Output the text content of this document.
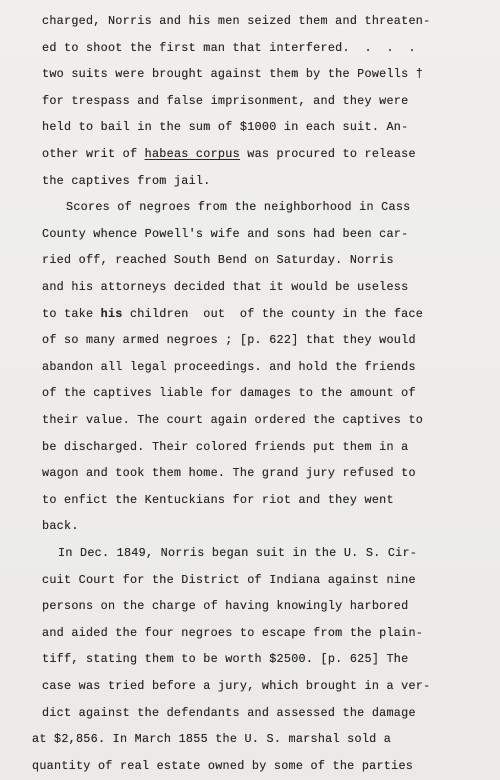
charged, Norris and his men seized them and threaten-
ed to shoot the first man that interfered.  .  .  .
two suits were brought against them by the Powells †
for trespass and false imprisonment, and they were
held to bail in the sum of $1000 in each suit. An-
other writ of habeas corpus was procured to release
the captives from jail.
Scores of negroes from the neighborhood in Cass
County whence Powell's wife and sons had been car-
ried off, reached South Bend on Saturday. Norris
and his attorneys decided that it would be useless
to take his children  out  of the county in the face
of so many armed negroes ; [p. 622] that they would
abandon all legal proceedings. and hold the friends
of the captives liable for damages to the amount of
their value. The court again ordered the captives to
be discharged. Their colored friends put them in a
wagon and took them home. The grand jury refused to
to enfict the Kentuckians for riot and they went
back.
In Dec. 1849, Norris began suit in the U. S. Cir-
cuit Court for the District of Indiana against nine
persons on the charge of having knowingly harbored
and aided the four negroes to escape from the plain-
tiff, stating them to be worth $2500. [p. 625] The
case was tried before a jury, which brought in a ver-
dict against the defendants and assessed the damage
at $2,856. In March 1855 the U. S. marshal sold a
quantity of real estate owned by some of the parties
